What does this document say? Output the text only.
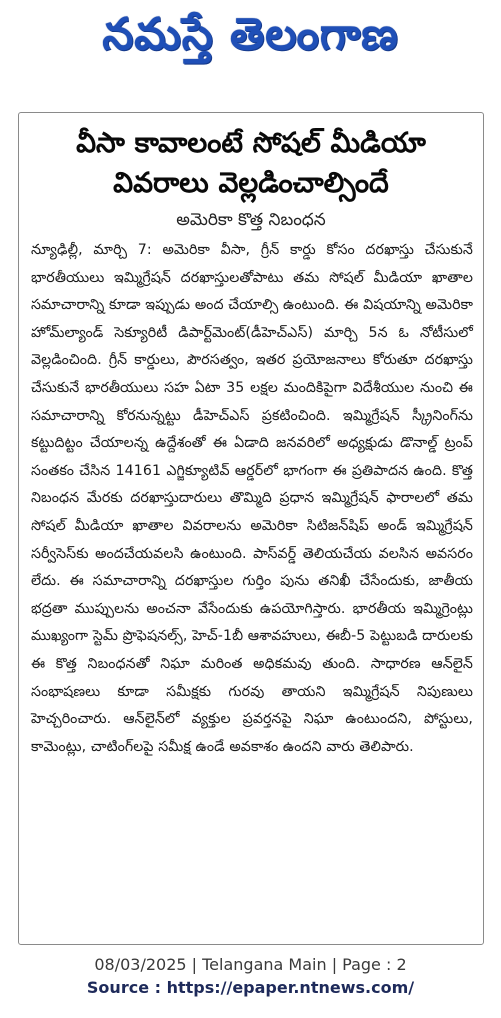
నమస్తే తెలంగాణ
వీసా కావాలంటే సోషల్ మీడియా
వివరాలు వెల్లడించాల్సిందే
అమెరికా కొత్త నిబంధన
న్యూఢిల్లీ, మార్చి 7: అమెరికా వీసా, గ్రీన్ కార్డు కోసం దరఖాస్తు చేసుకునే భారతీయులు ఇమ్మిగ్రేషన్ దరఖాస్తులతోపాటు తమ సోషల్ మీడియా ఖాతాల సమాచారాన్ని కూడా ఇప్పుడు అంద చేయాల్సి ఉంటుంది. ఈ విషయాన్ని అమెరికా హోమ్‌ల్యాండ్ సెక్యూరిటీ డిపార్ట్‌మెంట్(డీహెచ్ఎస్) మార్చి 5న ఓ నోటీసులో వెల్లడించింది. గ్రీన్ కార్డులు, పౌరసత్వం, ఇతర ప్రయోజనాలు కోరుతూ దరఖాస్తు చేసుకునే భారతీయులు సహ ఏటా 35 లక్షల మందికిపైగా విదేశీయుల నుంచి ఈ సమాచారాన్ని కోరనున్నట్టు డీహెచ్ఎస్ ప్రకటించింది. ఇమ్మిగ్రేషన్ స్క్రీనింగ్‌ను కట్టుదిట్టం చేయాలన్న ఉద్దేశంతో ఈ ఏడాది జనవరిలో అధ్యక్షుడు డొనాల్డ్ ట్రంప్ సంతకం చేసిన 14161 ఎగ్జిక్యూటివ్ ఆర్డర్‌లో భాగంగా ఈ ప్రతిపాదన ఉంది. కొత్త నిబంధన మేరకు దరఖాస్తుదారులు తొమ్మిది ప్రధాన ఇమ్మిగ్రేషన్ ఫారాలలో తమ సోషల్ మీడియా ఖాతాల వివరాలను అమెరికా సిటిజన్‌షిప్ అండ్ ఇమ్మిగ్రేషన్ సర్వీసెస్‌కు అందచేయవలసి ఉంటుంది. పాస్‌వర్డ్ తెలియచేయ వలసిన అవసరం లేదు. ఈ సమాచారాన్ని దరఖాస్తుల గుర్తిం పును తనిఖీ చేసేందుకు, జాతీయ భద్రతా ముప్పులను అంచనా వేసేందుకు ఉపయోగిస్తారు. భారతీయ ఇమ్మిగ్రెంట్లు ముఖ్యంగా స్టెమ్ ప్రొఫెషనల్స్, హెచ్-1బీ ఆశావహులు, ఈబీ-5 పెట్టుబడి దారులకు ఈ కొత్త నిబంధనతో నిఘా మరింత అధికమవు తుంది. సాధారణ ఆన్‌లైన్ సంభాషణలు కూడా సమీక్షకు గురవు తాయని ఇమ్మిగ్రేషన్ నిపుణులు హెచ్చరించారు. ఆన్‌లైన్‌లో వ్యక్తుల ప్రవర్తనపై నిఘా ఉంటుందని, పోస్టులు, కామెంట్లు, చాటింగ్‌లపై సమీక్ష ఉండే అవకాశం ఉందని వారు తెలిపారు.
08/03/2025 | Telangana Main | Page : 2
Source : https://epaper.ntnews.com/
